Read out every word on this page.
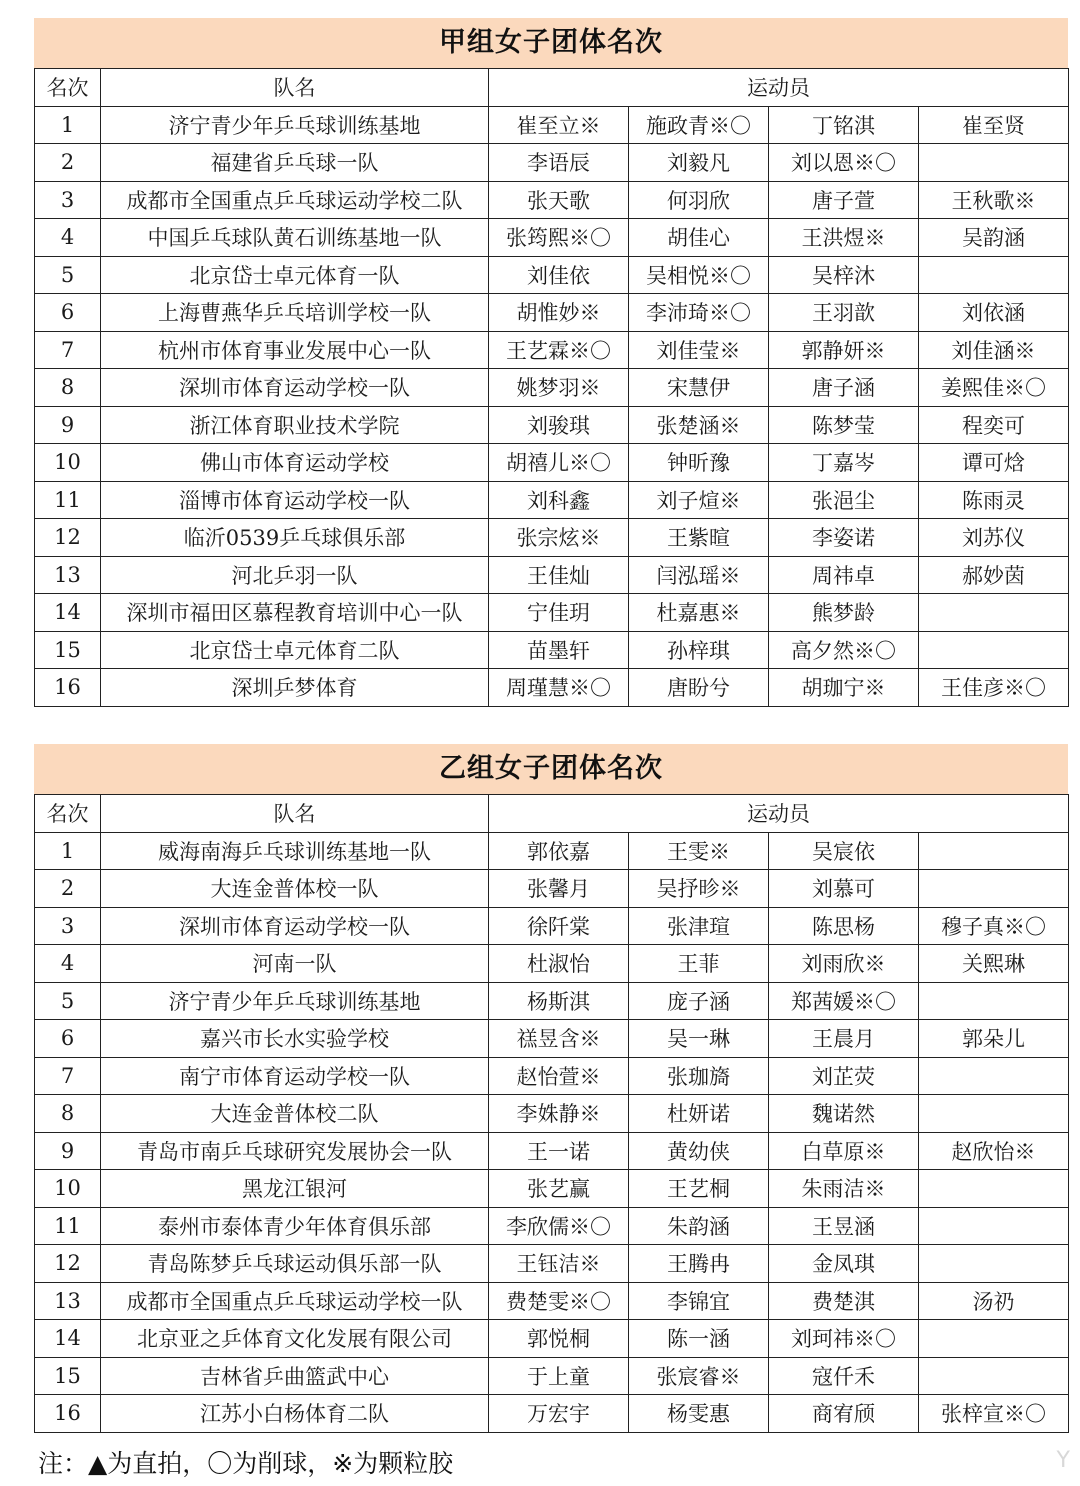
甲组女子团体名次
名次	队名	运动员			
1	济宁青少年乒乓球训练基地	崔至立※	施政青※〇	丁铭淇	崔至贤
2	福建省乒乓球一队	李语辰	刘毅凡	刘以恩※〇	
3	成都市全国重点乒乓球运动学校二队	张天歌	何羽欣	唐子萱	王秋歌※
4	中国乒乓球队黄石训练基地一队	张筠熙※〇	胡佳心	王洪煜※	吴韵涵
5	北京岱士卓元体育一队	刘佳依	吴相悦※〇	吴梓沐	
6	上海曹燕华乒乓培训学校一队	胡惟妙※	李沛琦※〇	王羽歆	刘依涵
7	杭州市体育事业发展中心一队	王艺霖※〇	刘佳莹※	郭静妍※	刘佳涵※
8	深圳市体育运动学校一队	姚梦羽※	宋慧伊	唐子涵	姜熙佳※〇
9	浙江体育职业技术学院	刘骏琪	张楚涵※	陈梦莹	程奕可
10	佛山市体育运动学校	胡禧儿※〇	钟昕豫	丁嘉岑	谭可焓
11	淄博市体育运动学校一队	刘科鑫	刘子煊※	张浥尘	陈雨灵
12	临沂0539乒乓球俱乐部	张宗炫※	王紫暄	李姿诺	刘苏仪
13	河北乒羽一队	王佳灿	闫泓瑶※	周祎卓	郝妙茵
14	深圳市福田区慕程教育培训中心一队	宁佳玥	杜嘉惠※	熊梦龄	
15	北京岱士卓元体育二队	苗墨轩	孙梓琪	高夕然※〇	
16	深圳乒梦体育	周瑾慧※〇	唐盼兮	胡珈宁※	王佳彦※〇
乙组女子团体名次
名次	队名	运动员			
1	威海南海乒乓球训练基地一队	郭依嘉	王雯※	吴宸依	
2	大连金普体校一队	张馨月	吴抒昣※	刘慕可	
3	深圳市体育运动学校一队	徐阡棠	张津瑄	陈思杨	穆子真※〇
4	河南一队	杜淑怡	王菲	刘雨欣※	关熙琳
5	济宁青少年乒乓球训练基地	杨斯淇	庞子涵	郑茜媛※〇	
6	嘉兴市长水实验学校	禚昱含※	吴一琳	王晨月	郭朵儿
7	南宁市体育运动学校一队	赵怡萱※	张珈旖	刘芷荧	
8	大连金普体校二队	李姝静※	杜妍诺	魏诺然	
9	青岛市南乒乓球研究发展协会一队	王一诺	黄幼侠	白草原※	赵欣怡※
10	黑龙江银河	张艺赢	王艺桐	朱雨洁※	
11	泰州市泰体青少年体育俱乐部	李欣儒※〇	朱韵涵	王昱涵	
12	青岛陈梦乒乓球运动俱乐部一队	王钰洁※	王腾冉	金凤琪	
13	成都市全国重点乒乓球运动学校一队	费楚雯※〇	李锦宜	费楚淇	汤礽
14	北京亚之乒体育文化发展有限公司	郭悦桐	陈一涵	刘珂祎※〇	
15	吉林省乒曲篮武中心	于上童	张宸睿※	寇仟禾	
16	江苏小白杨体育二队	万宏宇	杨雯惠	商宥颀	张梓宣※〇
注：▲为直拍，〇为削球，※为颗粒胶	Y
